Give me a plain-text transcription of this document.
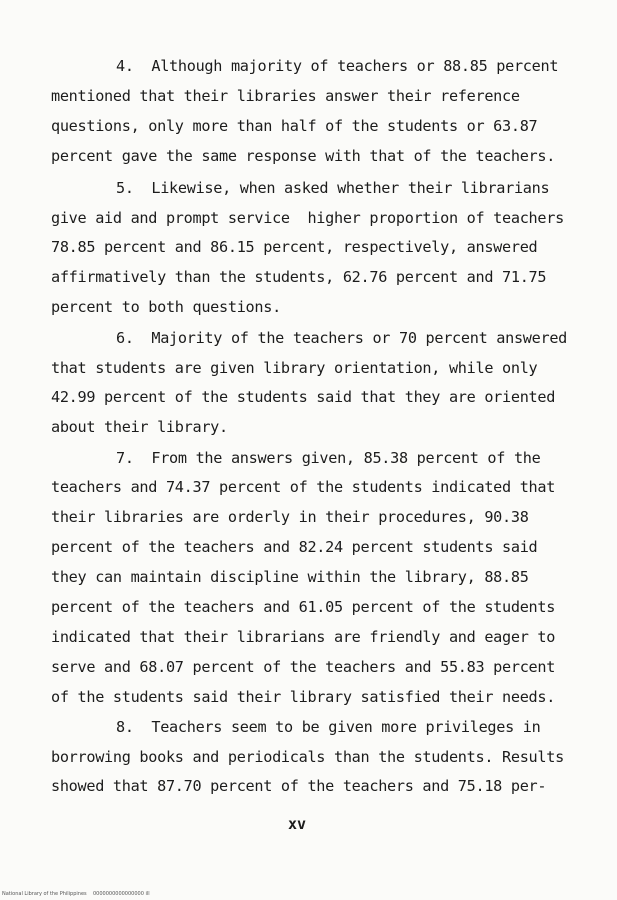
4.  Although majority of teachers or 88.85 percent
mentioned that their libraries answer their reference
questions, only more than half of the students or 63.87
percent gave the same response with that of the teachers.
5.  Likewise, when asked whether their librarians
give aid and prompt service  higher proportion of teachers
78.85 percent and 86.15 percent, respectively, answered
affirmatively than the students, 62.76 percent and 71.75
percent to both questions.
6.  Majority of the teachers or 70 percent answered
that students are given library orientation, while only
42.99 percent of the students said that they are oriented
about their library.
7.  From the answers given, 85.38 percent of the
teachers and 74.37 percent of the students indicated that
their libraries are orderly in their procedures, 90.38
percent of the teachers and 82.24 percent students said
they can maintain discipline within the library, 88.85
percent of the teachers and 61.05 percent of the students
indicated that their librarians are friendly and eager to
serve and 68.07 percent of the teachers and 55.83 percent
of the students said their library satisfied their needs.
8.  Teachers seem to be given more privileges in
borrowing books and periodicals than the students. Results
showed that 87.70 percent of the teachers and 75.18 per-
xv
National Library of the Philippines    0000000000000000 ill
